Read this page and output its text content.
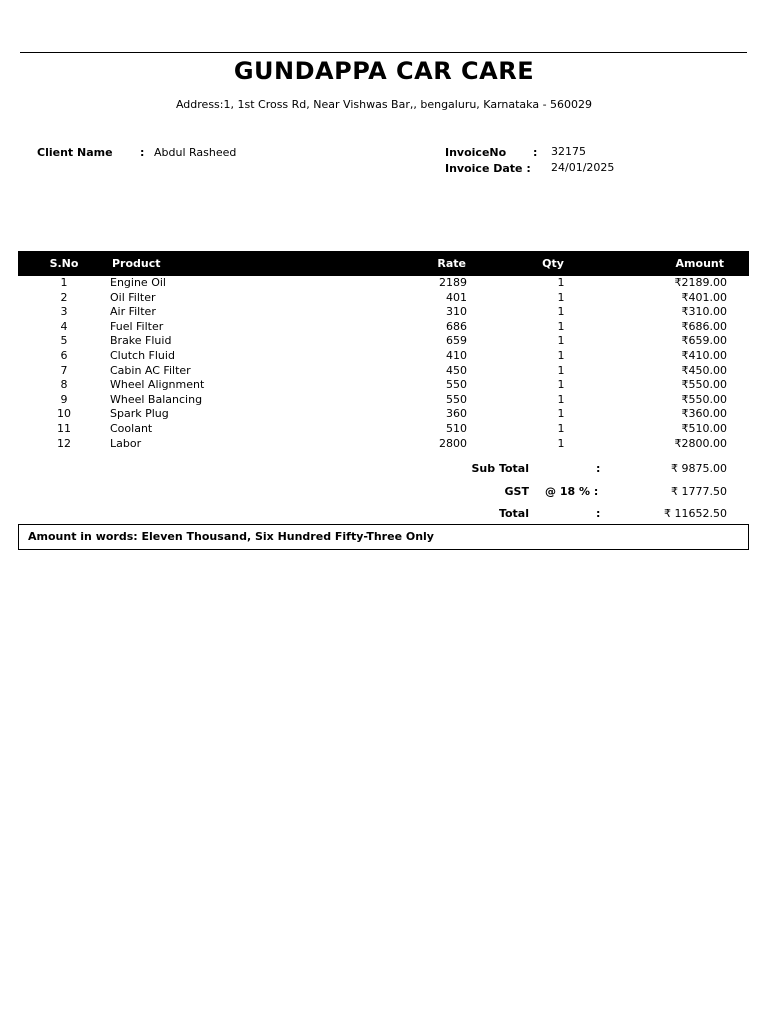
GUNDAPPA CAR CARE
Address:1, 1st Cross Rd, Near Vishwas Bar,, bengaluru, Karnataka - 560029
Client Name : Abdul Rasheed	InvoiceNo : 32175
Invoice Date : 24/01/2025
S.No	Product	Rate	Qty	Amount
1	Engine Oil	2189	1	₹2189.00
2	Oil Filter	401	1	₹401.00
3	Air Filter	310	1	₹310.00
4	Fuel Filter	686	1	₹686.00
5	Brake Fluid	659	1	₹659.00
6	Clutch Fluid	410	1	₹410.00
7	Cabin AC Filter	450	1	₹450.00
8	Wheel Alignment	550	1	₹550.00
9	Wheel Balancing	550	1	₹550.00
10	Spark Plug	360	1	₹360.00
11	Coolant	510	1	₹510.00
12	Labor	2800	1	₹2800.00
Sub Total	:	₹ 9875.00
GST @ 18 % :	₹ 1777.50
Total	:	₹ 11652.50
Amount in words: Eleven Thousand, Six Hundred Fifty-Three Only
